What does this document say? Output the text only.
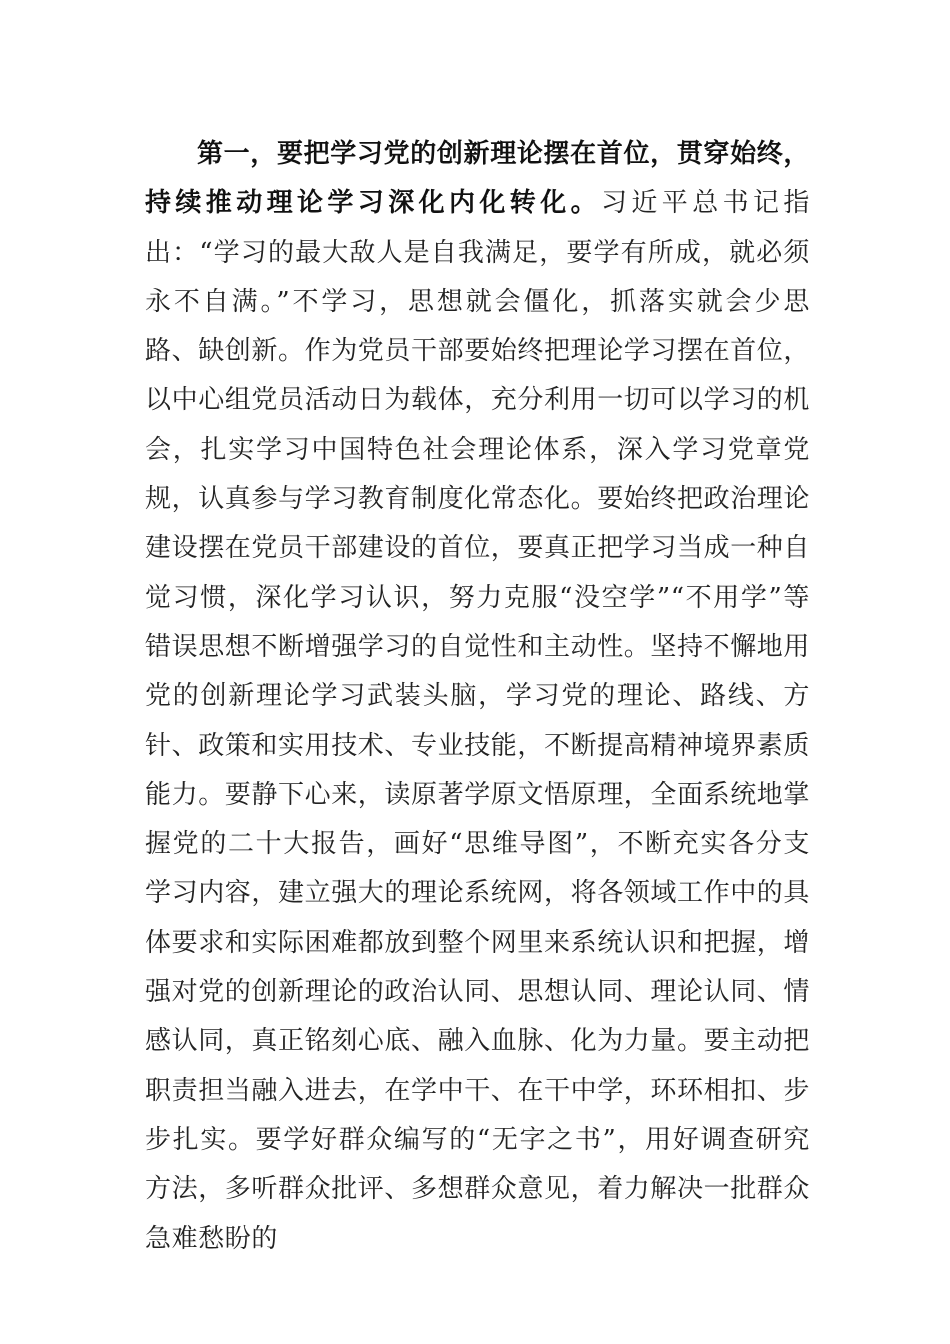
第一，要把学习党的创新理论摆在首位，贯穿始终，持续推动理论学习深化内化转化。习近平总书记指出：“学习的最大敌人是自我满足，要学有所成，就必须永不自满。”不学习，思想就会僵化，抓落实就会少思路、缺创新。作为党员干部要始终把理论学习摆在首位，以中心组党员活动日为载体，充分利用一切可以学习的机会，扎实学习中国特色社会理论体系，深入学习党章党规，认真参与学习教育制度化常态化。要始终把政治理论建设摆在党员干部建设的首位，要真正把学习当成一种自觉习惯，深化学习认识，努力克服“没空学”“不用学”等错误思想不断增强学习的自觉性和主动性。坚持不懈地用党的创新理论学习武装头脑，学习党的理论、路线、方针、政策和实用技术、专业技能，不断提高精神境界素质能力。要静下心来，读原著学原文悟原理，全面系统地掌握党的二十大报告，画好“思维导图”，不断充实各分支学习内容，建立强大的理论系统网，将各领域工作中的具体要求和实际困难都放到整个网里来系统认识和把握，增强对党的创新理论的政治认同、思想认同、理论认同、情感认同，真正铭刻心底、融入血脉、化为力量。要主动把职责担当融入进去，在学中干、在干中学，环环相扣、步步扎实。要学好群众编写的“无字之书”，用好调查研究方法，多听群众批评、多想群众意见，着力解决一批群众急难愁盼的
